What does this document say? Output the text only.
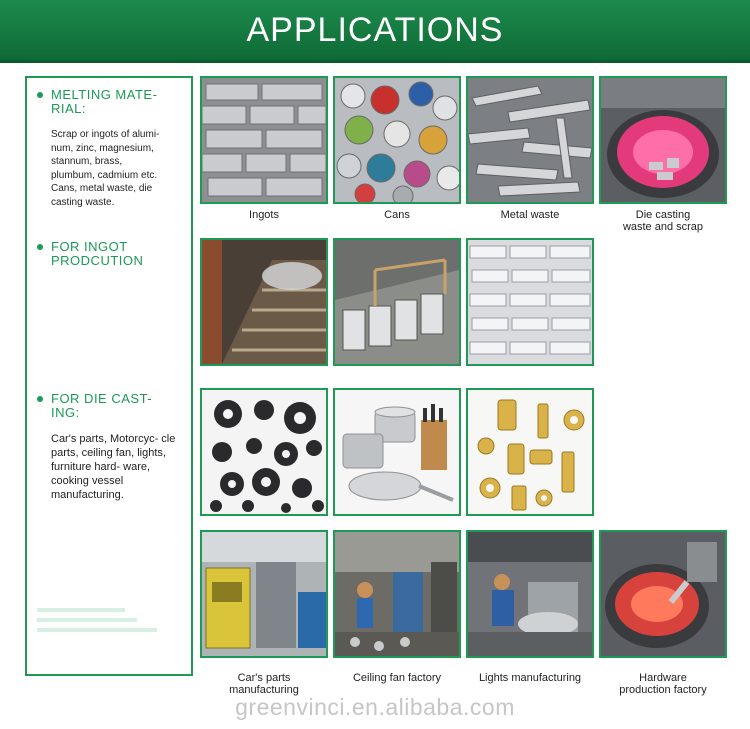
APPLICATIONS
MELTING MATE-
RIAL:
Scrap or ingots of alumi-
num, zinc, magnesium,
stannum, brass,
plumbum, cadmium etc.
Cans, metal waste, die
casting waste.
FOR INGOT
PRODCUTION
FOR DIE CAST-
ING:
Car's parts, Motorcyc- cle parts, ceiling fan, lights, furniture hard- ware, cooking vessel manufacturing.
Ingots	Cans	Metal waste	Die casting
waste and scrap
Car's parts
manufacturing
Ceiling fan factory	Lights manufacturing	Hardware
production factory
greenvinci.en.alibaba.com
